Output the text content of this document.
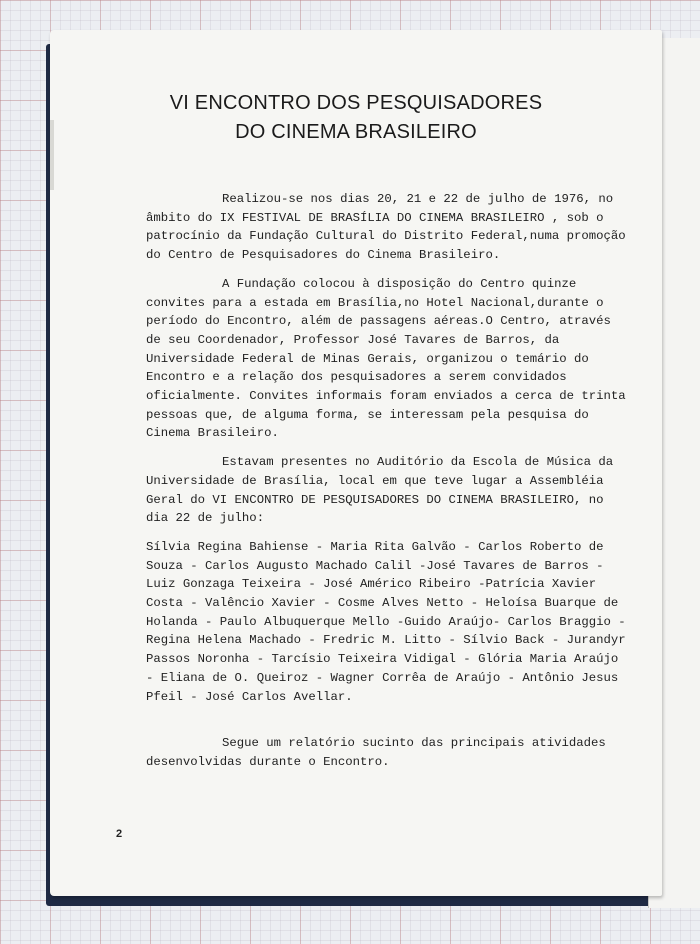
VI ENCONTRO DOS PESQUISADORES
DO CINEMA BRASILEIRO

Realizou-se nos dias 20, 21 e 22 de julho de 1976, no âmbito do IX FESTIVAL DE BRASÍLIA DO CINEMA BRASILEIRO , sob o patrocínio da Fundação Cultural do Distrito Federal,numa promoção do Centro de Pesquisadores do Cinema Brasileiro.

A Fundação colocou à disposição do Centro quinze convites para a estada em Brasília,no Hotel Nacional,durante o período do Encontro, além de passagens aéreas.O Centro, através de seu Coordenador, Professor José Tavares de Barros, da Universidade Federal de Minas Gerais, organizou o temário do Encontro e a relação dos pesquisadores a serem convidados oficialmente. Convites informais foram enviados a cerca de trinta pessoas que, de alguma forma, se interessam pela pesquisa do Cinema Brasileiro.

Estavam presentes no Auditório da Escola de Música da Universidade de Brasília, local em que teve lugar a Assembléia Geral do VI ENCONTRO DE PESQUISADORES DO CINEMA BRASILEIRO, no dia 22 de julho:

Sílvia Regina Bahiense - Maria Rita Galvão - Carlos Roberto de Souza - Carlos Augusto Machado Calil -José Tavares de Barros - Luiz Gonzaga Teixeira - José Américo Ribeiro -Patrícia Xavier Costa - Valêncio Xavier - Cosme Alves Netto - Heloísa Buarque de Holanda - Paulo Albuquerque Mello -Guido Araújo- Carlos Braggio - Regina Helena Machado - Fredric M. Litto - Sílvio Back - Jurandyr Passos Noronha - Tarcísio Teixeira Vidigal - Glória Maria Araújo - Eliana de O. Queiroz - Wagner Corrêa de Araújo - Antônio Jesus Pfeil - José Carlos Avellar.

Segue um relatório sucinto das principais atividades desenvolvidas durante o Encontro.

2
